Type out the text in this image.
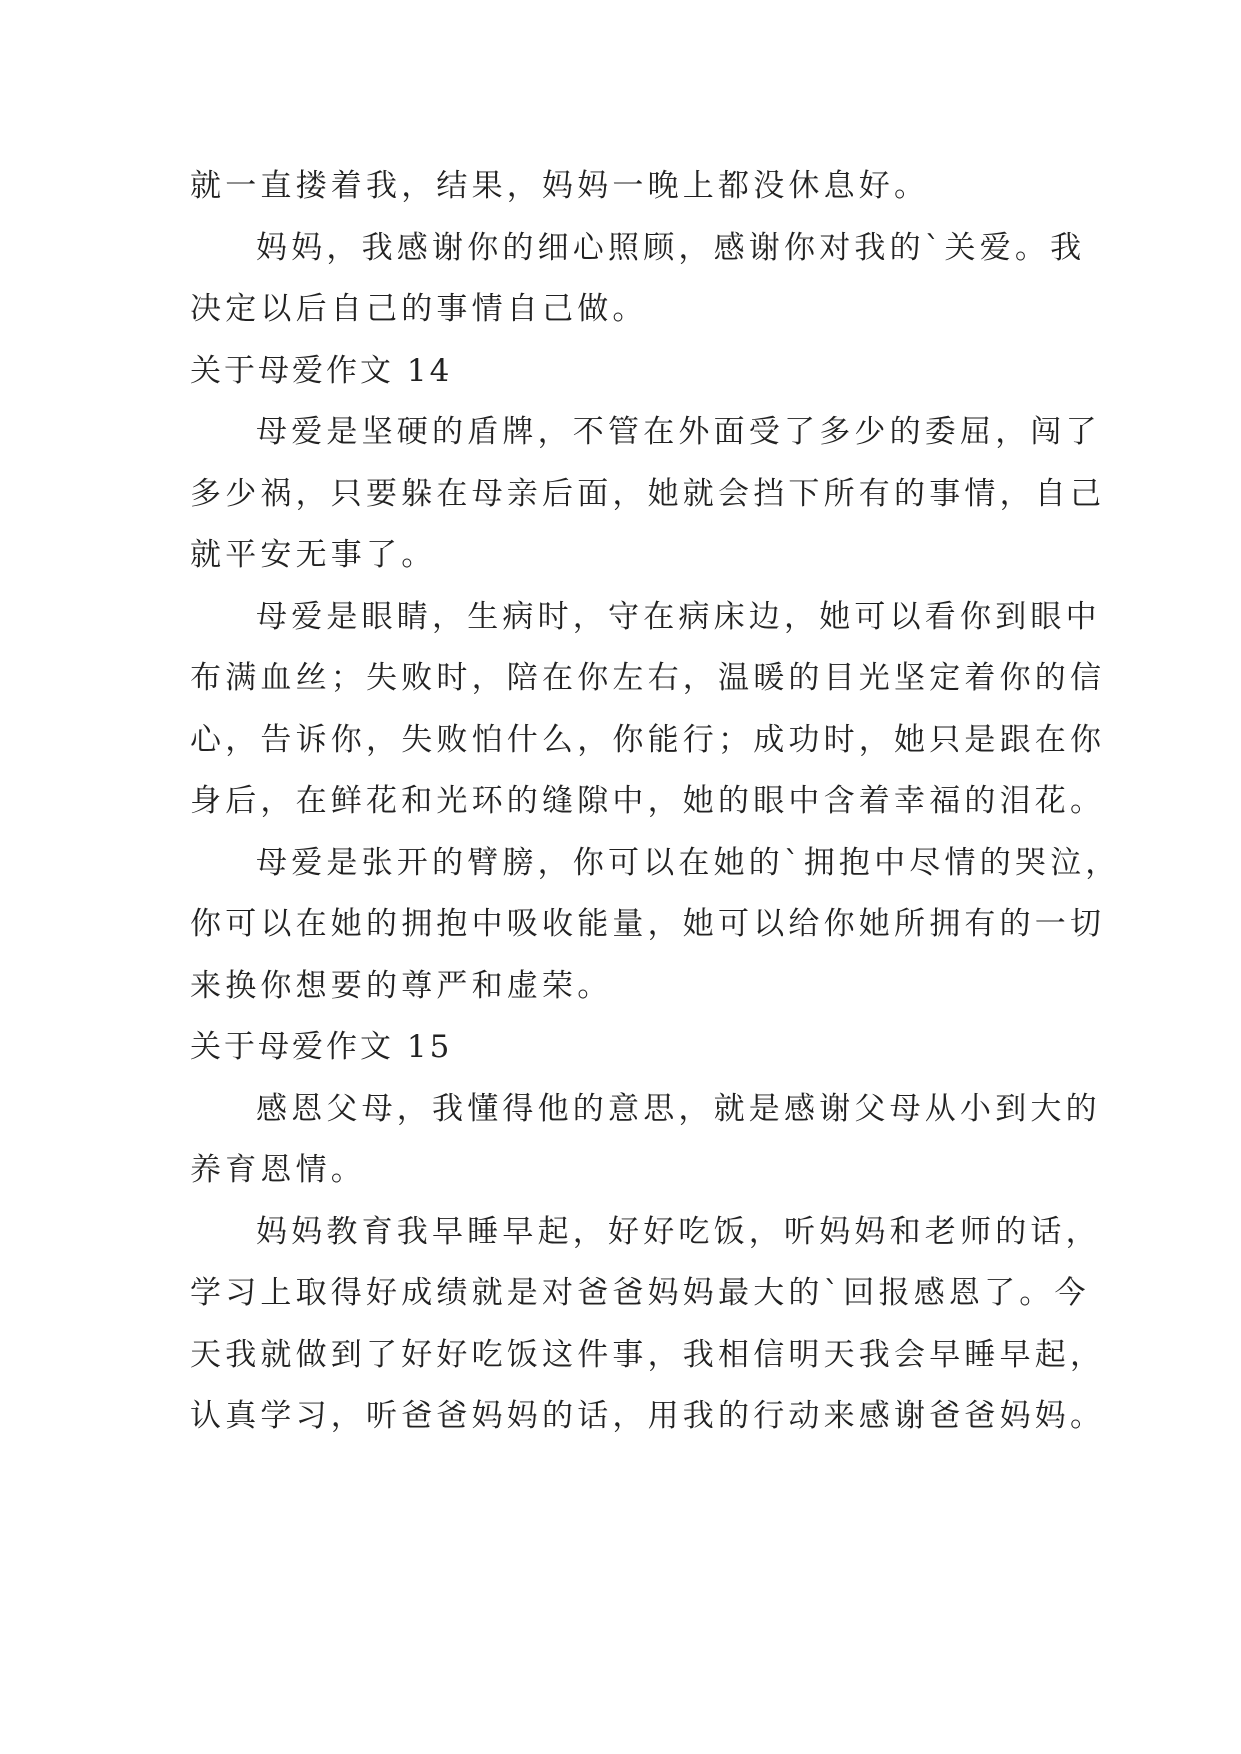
就一直搂着我，结果，妈妈一晚上都没休息好。
妈妈，我感谢你的细心照顾，感谢你对我的`关爱。我
决定以后自己的事情自己做。
关于母爱作文 14
母爱是坚硬的盾牌，不管在外面受了多少的委屈，闯了
多少祸，只要躲在母亲后面，她就会挡下所有的事情，自己
就平安无事了。
母爱是眼睛，生病时，守在病床边，她可以看你到眼中
布满血丝；失败时，陪在你左右，温暖的目光坚定着你的信
心，告诉你，失败怕什么，你能行；成功时，她只是跟在你
身后，在鲜花和光环的缝隙中，她的眼中含着幸福的泪花。
母爱是张开的臂膀，你可以在她的`拥抱中尽情的哭泣，
你可以在她的拥抱中吸收能量，她可以给你她所拥有的一切
来换你想要的尊严和虚荣。
关于母爱作文 15
感恩父母，我懂得他的意思，就是感谢父母从小到大的
养育恩情。
妈妈教育我早睡早起，好好吃饭，听妈妈和老师的话，
学习上取得好成绩就是对爸爸妈妈最大的`回报感恩了。今
天我就做到了好好吃饭这件事，我相信明天我会早睡早起，
认真学习，听爸爸妈妈的话，用我的行动来感谢爸爸妈妈。
